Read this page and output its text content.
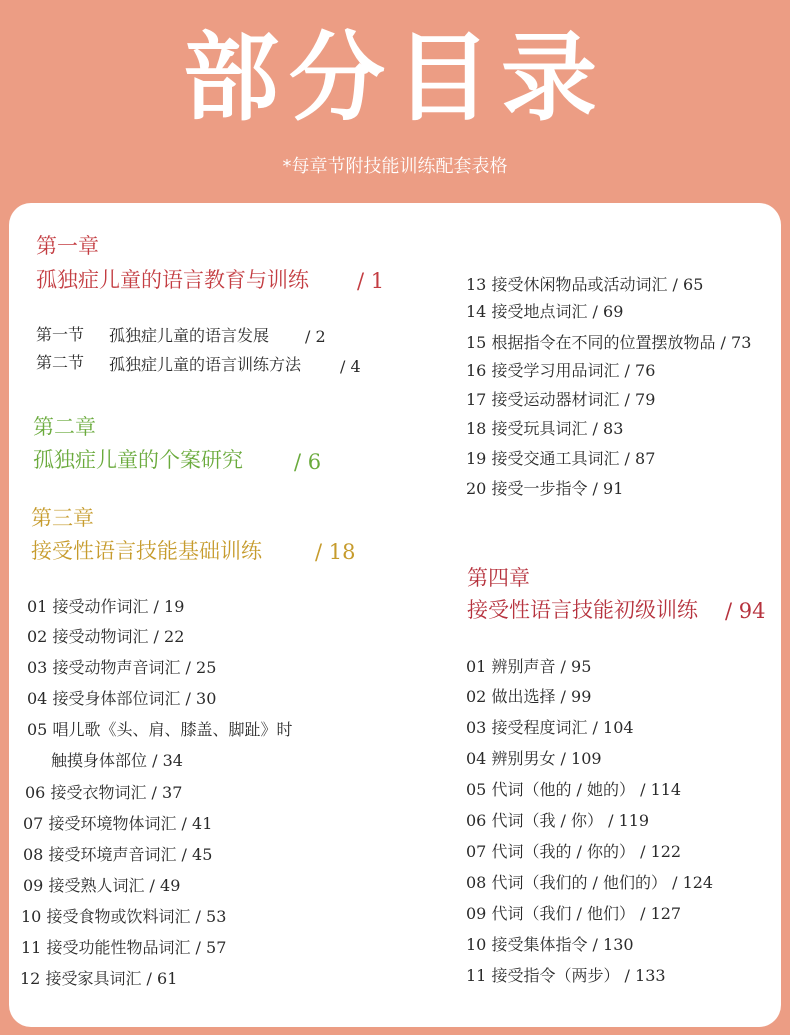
部分目录
*每章节附技能训练配套表格
第一章
孤独症儿童的语言教育与训练 / 1
第一节 孤独症儿童的语言发展 / 2
第二节 孤独症儿童的语言训练方法 / 4
第二章
孤独症儿童的个案研究 / 6
第三章
接受性语言技能基础训练	/ 18
01 接受动作词汇 / 19
02 接受动物词汇 / 22
03 接受动物声音词汇 / 25
04 接受身体部位词汇 / 30
05 唱儿歌《头、肩、膝盖、脚趾》时
触摸身体部位 / 34
06 接受衣物词汇 / 37
07 接受环境物体词汇 / 41
08 接受环境声音词汇 / 45
09 接受熟人词汇 / 49
10 接受食物或饮料词汇 / 53
11 接受功能性物品词汇 / 57
12 接受家具词汇 / 61
13 接受休闲物品或活动词汇 / 65
14 接受地点词汇 / 69
15 根据指令在不同的位置摆放物品 / 73
16 接受学习用品词汇 / 76
17 接受运动器材词汇 / 79
18 接受玩具词汇 / 83
19 接受交通工具词汇 / 87
20 接受一步指令 / 91
第四章
接受性语言技能初级训练 / 94
01 辨别声音 / 95
02 做出选择 / 99
03 接受程度词汇 / 104
04 辨别男女 / 109
05 代词（他的 / 她的） / 114
06 代词（我 / 你） / 119
07 代词（我的 / 你的） / 122
08 代词（我们的 / 他们的） / 124
09 代词（我们 / 他们） / 127
10 接受集体指令 / 130
11 接受指令（两步） / 133
